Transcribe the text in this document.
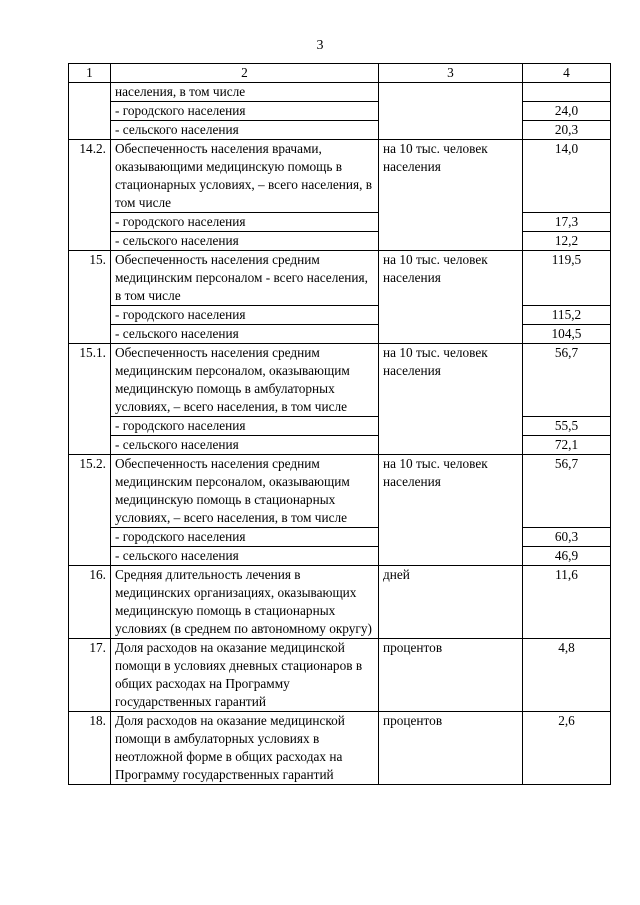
3
1	2	3	4
	населения, в том числе		
	- городского населения		24,0
	- сельского населения		20,3
14.2.	Обеспеченность населения врачами, оказывающими медицинскую помощь в стационарных условиях, – всего населения, в том числе	на 10 тыс. человек населения	14,0
	- городского населения		17,3
	- сельского населения		12,2
15.	Обеспеченность населения средним медицинским персоналом - всего населения, в том числе	на 10 тыс. человек населения	119,5
	- городского населения		115,2
	- сельского населения		104,5
15.1.	Обеспеченность населения средним медицинским персоналом, оказывающим медицинскую помощь в амбулаторных условиях, – всего населения, в том числе	на 10 тыс. человек населения	56,7
	- городского населения		55,5
	- сельского населения		72,1
15.2.	Обеспеченность населения средним медицинским персоналом, оказывающим медицинскую помощь в стационарных условиях, – всего населения, в том числе	на 10 тыс. человек населения	56,7
	- городского населения		60,3
	- сельского населения		46,9
16.	Средняя длительность лечения в медицинских организациях, оказывающих медицинскую помощь в стационарных условиях (в среднем по автономному округу)	дней	11,6
17.	Доля расходов на оказание медицинской помощи в условиях дневных стационаров в общих расходах на Программу государственных гарантий	процентов	4,8
18.	Доля расходов на оказание медицинской помощи в амбулаторных условиях в неотложной форме в общих расходах на Программу государственных гарантий	процентов	2,6
